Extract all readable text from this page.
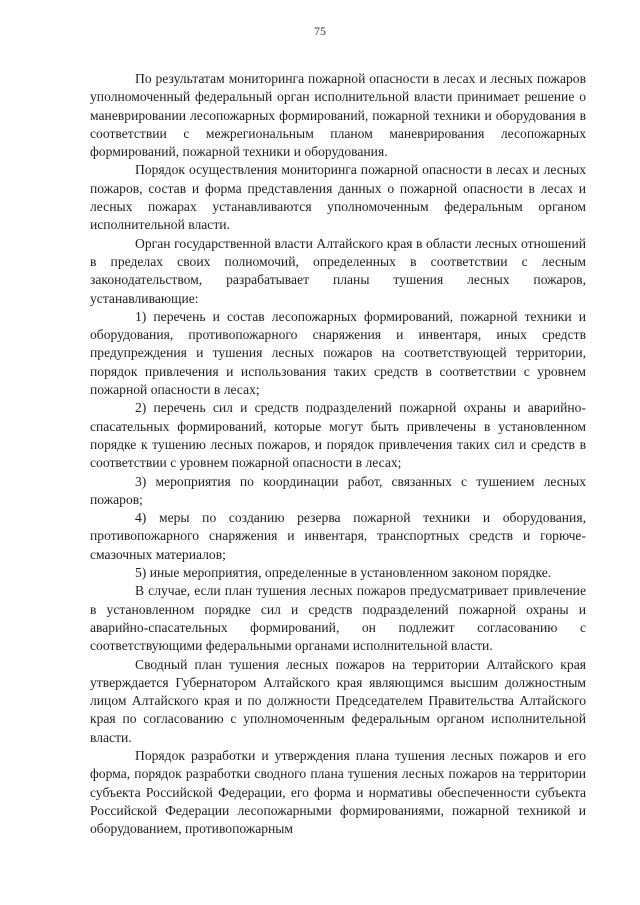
75

По результатам мониторинга пожарной опасности в лесах и лесных пожаров уполномоченный федеральный орган исполнительной власти принимает решение о маневрировании лесопожарных формирований, пожарной техники и оборудования в соответствии с межрегиональным планом маневрирования лесопожарных формирований, пожарной техники и оборудования.

Порядок осуществления мониторинга пожарной опасности в лесах и лесных пожаров, состав и форма представления данных о пожарной опасности в лесах и лесных пожарах устанавливаются уполномоченным федеральным органом исполнительной власти.

Орган государственной власти Алтайского края в области лесных отношений в пределах своих полномочий, определенных в соответствии с лесным законодательством, разрабатывает планы тушения лесных пожаров, устанавливающие:

1) перечень и состав лесопожарных формирований, пожарной техники и оборудования, противопожарного снаряжения и инвентаря, иных средств предупреждения и тушения лесных пожаров на соответствующей территории, порядок привлечения и использования таких средств в соответствии с уровнем пожарной опасности в лесах;

2) перечень сил и средств подразделений пожарной охраны и аварийно-спасательных формирований, которые могут быть привлечены в установленном порядке к тушению лесных пожаров, и порядок привлечения таких сил и средств в соответствии с уровнем пожарной опасности в лесах;

3) мероприятия по координации работ, связанных с тушением лесных пожаров;

4) меры по созданию резерва пожарной техники и оборудования, противопожарного снаряжения и инвентаря, транспортных средств и горюче-смазочных материалов;

5) иные мероприятия, определенные в установленном законом порядке.

В случае, если план тушения лесных пожаров предусматривает привлечение в установленном порядке сил и средств подразделений пожарной охраны и аварийно-спасательных формирований, он подлежит согласованию с соответствующими федеральными органами исполнительной власти.

Сводный план тушения лесных пожаров на территории Алтайского края утверждается Губернатором Алтайского края являющимся высшим должностным лицом Алтайского края и по должности Председателем Правительства Алтайского края по согласованию с уполномоченным федеральным органом исполнительной власти.

Порядок разработки и утверждения плана тушения лесных пожаров и его форма, порядок разработки сводного плана тушения лесных пожаров на территории субъекта Российской Федерации, его форма и нормативы обеспеченности субъекта Российской Федерации лесопожарными формированиями, пожарной техникой и оборудованием, противопожарным
